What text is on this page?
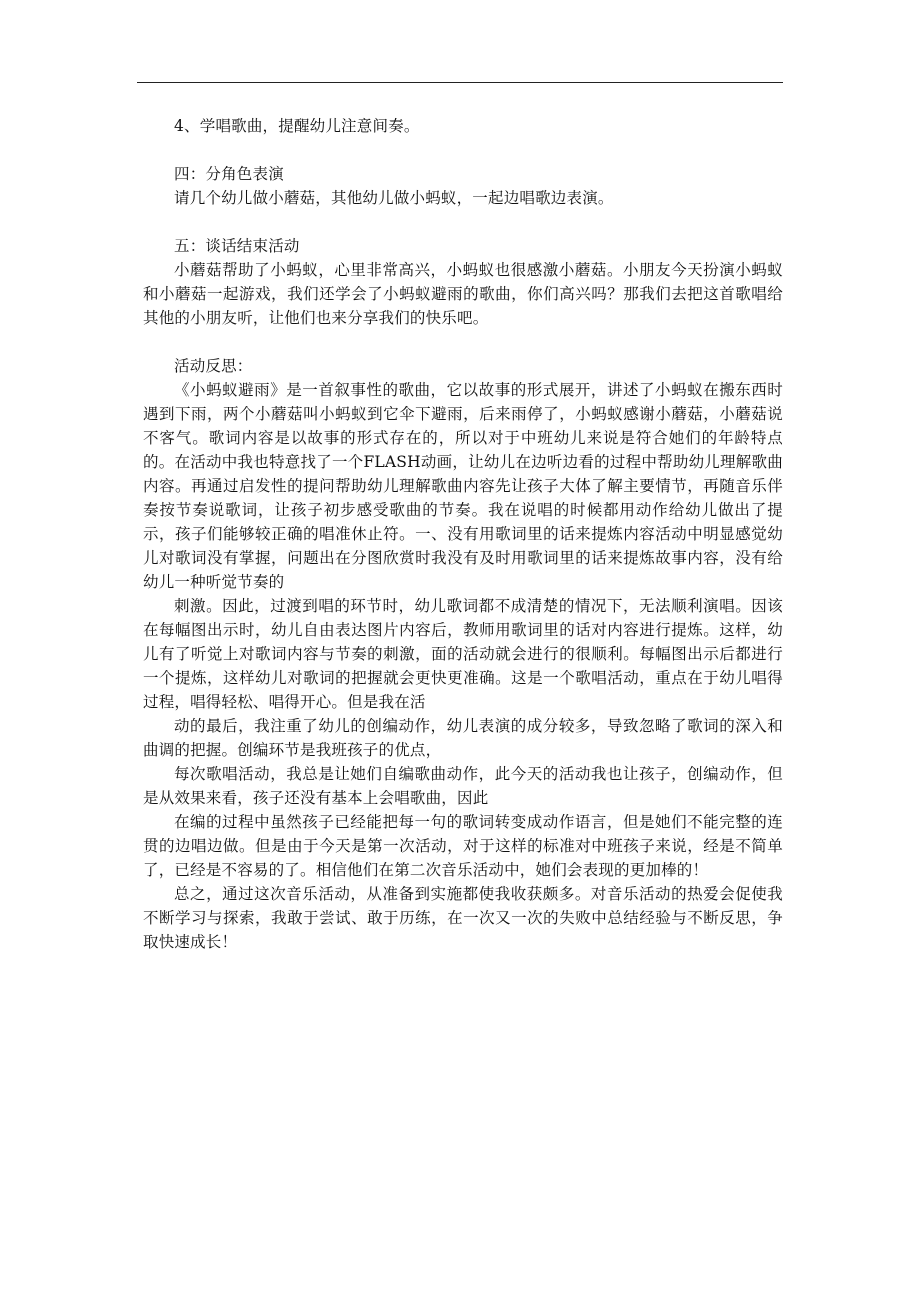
4、学唱歌曲，提醒幼儿注意间奏。

四：分角色表演

请几个幼儿做小蘑菇，其他幼儿做小蚂蚁，一起边唱歌边表演。

五：谈话结束活动

小蘑菇帮助了小蚂蚁，心里非常高兴，小蚂蚁也很感激小蘑菇。小朋友今天扮演小蚂蚁和小蘑菇一起游戏，我们还学会了小蚂蚁避雨的歌曲，你们高兴吗？那我们去把这首歌唱给其他的小朋友听，让他们也来分享我们的快乐吧。

活动反思：

《小蚂蚁避雨》是一首叙事性的歌曲，它以故事的形式展开，讲述了小蚂蚁在搬东西时遇到下雨，两个小蘑菇叫小蚂蚁到它伞下避雨，后来雨停了，小蚂蚁感谢小蘑菇，小蘑菇说不客气。歌词内容是以故事的形式存在的，所以对于中班幼儿来说是符合她们的年龄特点的。在活动中我也特意找了一个FLASH动画，让幼儿在边听边看的过程中帮助幼儿理解歌曲内容。再通过启发性的提问帮助幼儿理解歌曲内容先让孩子大体了解主要情节，再随音乐伴奏按节奏说歌词，让孩子初步感受歌曲的节奏。我在说唱的时候都用动作给幼儿做出了提示，孩子们能够较正确的唱准休止符。一、没有用歌词里的话来提炼内容活动中明显感觉幼儿对歌词没有掌握，问题出在分图欣赏时我没有及时用歌词里的话来提炼故事内容，没有给幼儿一种听觉节奏的

刺激。因此，过渡到唱的环节时，幼儿歌词都不成清楚的情况下，无法顺利演唱。因该在每幅图出示时，幼儿自由表达图片内容后，教师用歌词里的话对内容进行提炼。这样，幼儿有了听觉上对歌词内容与节奏的刺激，面的活动就会进行的很顺利。每幅图出示后都进行一个提炼，这样幼儿对歌词的把握就会更快更准确。这是一个歌唱活动，重点在于幼儿唱得过程，唱得轻松、唱得开心。但是我在活

动的最后，我注重了幼儿的创编动作，幼儿表演的成分较多，导致忽略了歌词的深入和曲调的把握。创编环节是我班孩子的优点，

每次歌唱活动，我总是让她们自编歌曲动作，此今天的活动我也让孩子，创编动作，但是从效果来看，孩子还没有基本上会唱歌曲，因此

在编的过程中虽然孩子已经能把每一句的歌词转变成动作语言，但是她们不能完整的连贯的边唱边做。但是由于今天是第一次活动，对于这样的标准对中班孩子来说，经是不简单了，已经是不容易的了。相信他们在第二次音乐活动中，她们会表现的更加棒的！

总之，通过这次音乐活动，从准备到实施都使我收获颇多。对音乐活动的热爱会促使我不断学习与探索，我敢于尝试、敢于历练，在一次又一次的失败中总结经验与不断反思，争取快速成长！
